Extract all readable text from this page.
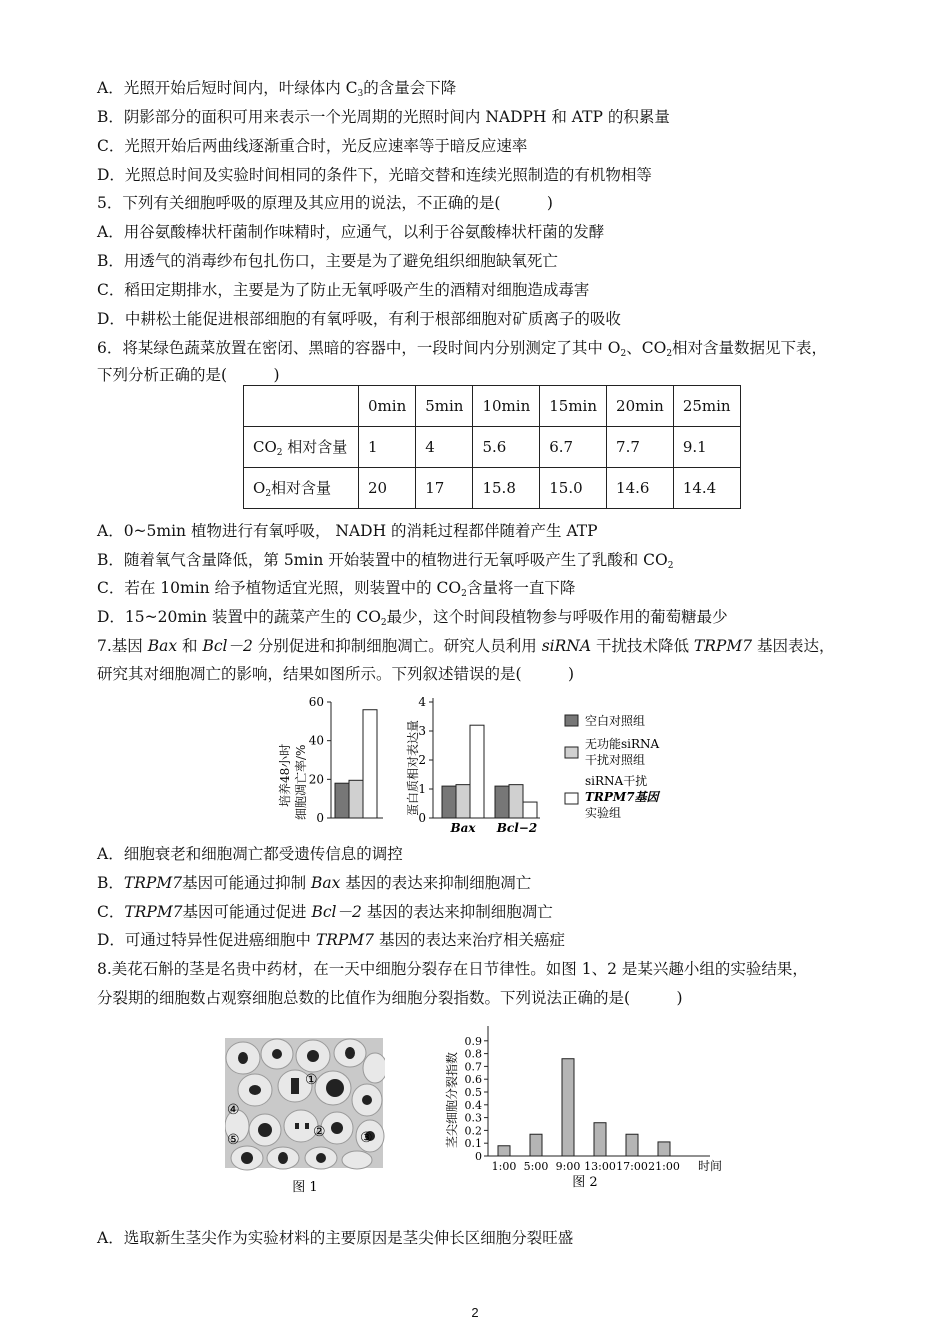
A．光照开始后短时间内，叶绿体内 $C_3$的含量会下降
B．阴影部分的面积可用来表示一个光周期的光照时间内 NADPH 和 ATP 的积累量
C．光照开始后两曲线逐渐重合时，光反应速率等于暗反应速率
D．光照总时间及实验时间相同的条件下，光暗交替和连续光照制造的有机物相等
5．下列有关细胞呼吸的原理及其应用的说法，不正确的是(　　　)
A．用谷氨酸棒状杆菌制作味精时，应通气，以利于谷氨酸棒状杆菌的发酵
B．用透气的消毒纱布包扎伤口，主要是为了避免组织细胞缺氧死亡
C．稻田定期排水，主要是为了防止无氧呼吸产生的酒精对细胞造成毒害
D．中耕松土能促进根部细胞的有氧呼吸，有利于根部细胞对矿质离子的吸收
6．将某绿色蔬菜放置在密闭、黑暗的容器中，一段时间内分别测定了其中 $O_2$、$CO_2$相对含量数据见下表，
下列分析正确的是(　　　)
	0min	5min	10min	15min	20min	25min
$CO_2$ 相对含量	1	4	5.6	6.7	7.7	9.1
$O_2$相对含量	20	17	15.8	15.0	14.6	14.4
A．0~5min 植物进行有氧呼吸， NADH 的消耗过程都伴随着产生 ATP
B．随着氧气含量降低，第 5min 开始装置中的植物进行无氧呼吸产生了乳酸和 $CO_2$
C．若在 10min 给予植物适宜光照，则装置中的 $CO_2$含量将一直下降
D．15~20min 装置中的蔬菜产生的 $CO_2$最少，这个时间段植物参与呼吸作用的葡萄糖最少
7.基因 Bax 和 Bcl－2 分别促进和抑制细胞凋亡。研究人员利用 siRNA 干扰技术降低 TRPM7 基因表达，
研究其对细胞凋亡的影响，结果如图所示。下列叙述错误的是(　　　)
培养48小时 细胞凋亡率/% 0
20
40
60
蛋白质相对表达量
0
1
2
3
4
Bax Bcl−2
空白对照组
无功能siRNA
干扰对照组
siRNA干扰
TRPM7基因
实验组
A．细胞衰老和细胞凋亡都受遗传信息的调控
B．TRPM7基因可能通过抑制 Bax 基因的表达来抑制细胞凋亡
C．TRPM7基因可能通过促进 Bcl－2 基因的表达来抑制细胞凋亡
D．可通过特异性促进癌细胞中 TRPM7 基因的表达来治疗相关癌症
8.美花石斛的茎是名贵中药材，在一天中细胞分裂存在日节律性。如图 1、2 是某兴趣小组的实验结果，
分裂期的细胞数占观察细胞总数的比值作为细胞分裂指数。下列说法正确的是(　　　)
①
② ③
④
⑤
图 1
茎尖细胞分裂指数
0
0.1
0.2
0.3
0.4
0.5
0.6
0.7
0.8
0.9
1:00 5:00 9:00 13:00 17:00 21:00 时间
图 2
A．选取新生茎尖作为实验材料的主要原因是茎尖伸长区细胞分裂旺盛
2
